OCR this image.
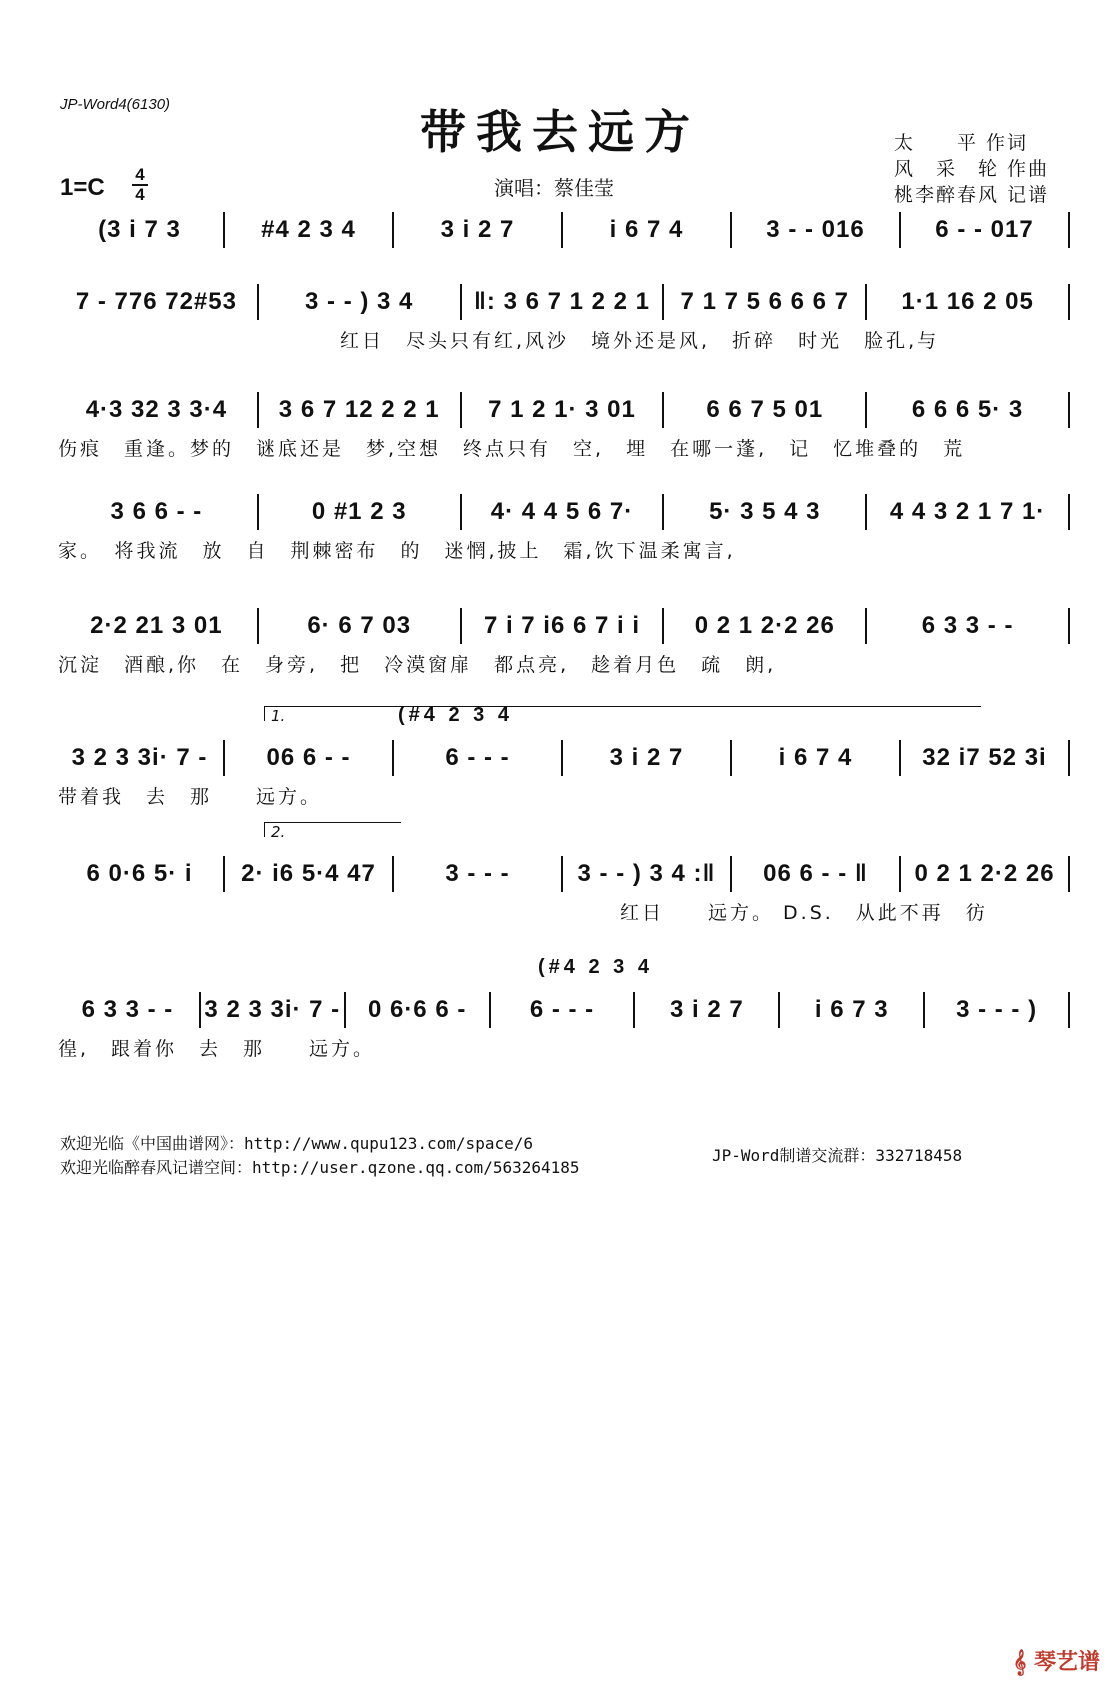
JP-Word4(6130)
带我去远方
1=C 4
4	演唱：蔡佳莹
太　　平 作词
风　采　轮 作曲
桃李醉春风 记谱
(3 i 7 3	#4 2 3 4	3 i 2 7	i 6 7 4	3 - - 016	6 - - 017
7 - 776 72#53	3 - - ) 3 4	‖: 3 6 7 1 2 2 1	7 1 7 5 6 6 6 7	1·1 16 2 05
红日　尽头只有红,风沙　境外还是风,　折碎　时光　脸孔,与
4·3 32 3 3·4	3 6 7 12 2 2 1	7 1 2 1· 3 01	6 6 7 5 01	6 6 6 5· 3
伤痕　重逢。梦的　谜底还是　梦,空想　终点只有　空,　埋　在哪一蓬,　记　忆堆叠的　荒
3 6 6 - -	0 #1 2 3	4· 4 4 5 6 7·	5· 3 5 4 3	4 4 3 2 1 7 1·
家。　将我流　放　自　荆棘密布　的　迷惘,披上　霜,饮下温柔寓言,
2·2 21 3 01	6· 6 7 03	7 i 7 i6 6 7 i i	0 2 1 2·2 26	6 3 3 - -
沉淀　酒酿,你　在　身旁,　把　冷漠窗扉　都点亮,　趁着月色　疏　朗,
1.	(#4 2 3 4
3 2 3 3i· 7 -	06 6 - -	6 - - -	3 i 2 7	i 6 7 4	32 i7 52 3i
带着我　去　那　　远方。
2.
6 0·6 5· i	2· i6 5·4 47	3 - - -	3 - - ) 3 4 :‖	06 6 - - ‖	0 2 1 2·2 26
红日　　远方。 D.S.　从此不再　彷
(#4 2 3 4
6 3 3 - -	3 2 3 3i· 7 -	0 6·6 6 -	6 - - -	3 i 2 7	i 6 7 3	3 - - - )
徨,　跟着你　去　那　　远方。
欢迎光临《中国曲谱网》：http://www.qupu123.com/space/6
欢迎光临醉春风记谱空间：http://user.qzone.qq.com/563264185
JP-Word制谱交流群：332718458
𝄞 琴艺谱
